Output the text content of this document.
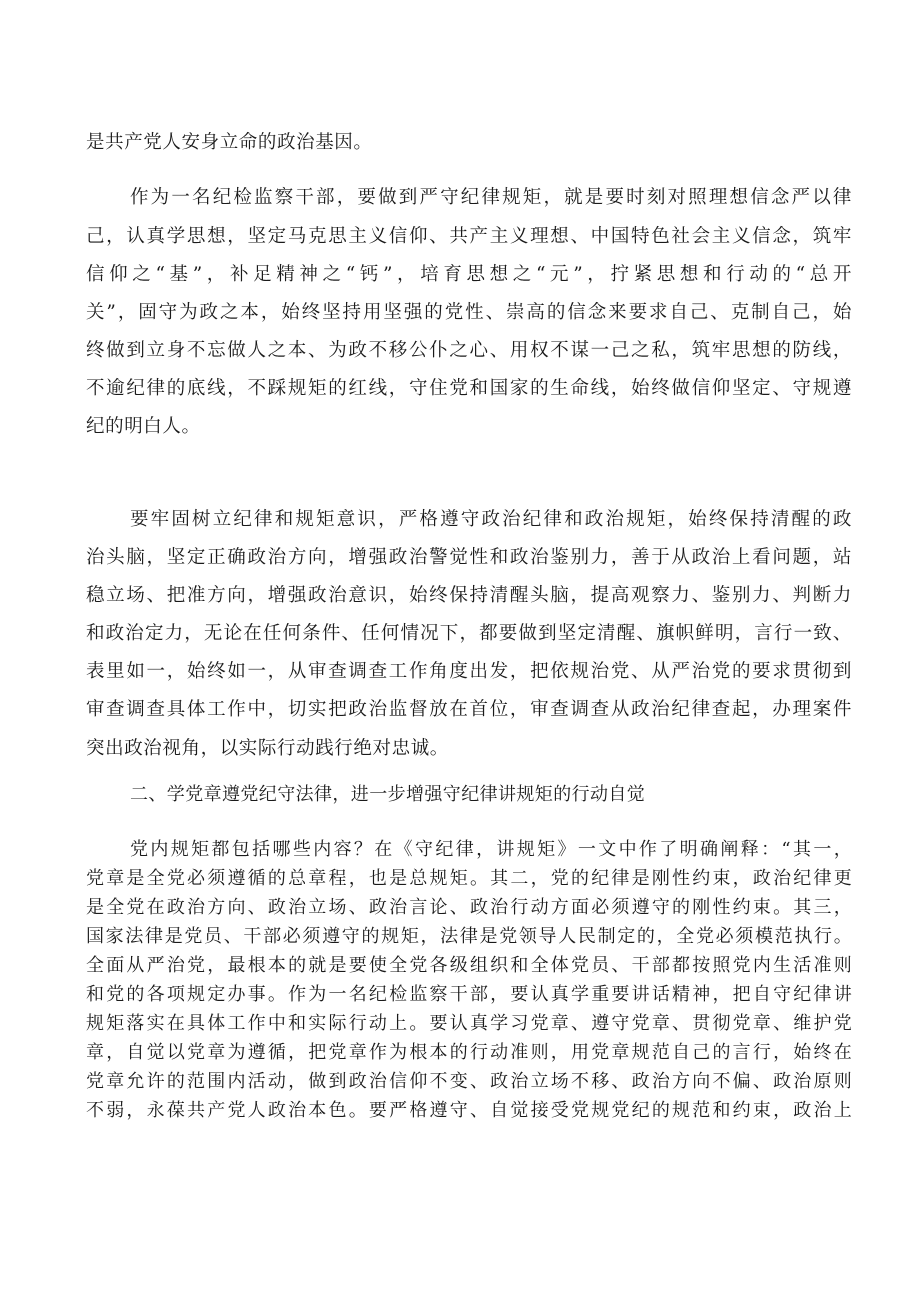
是共产党人安身立命的政治基因。
作为一名纪检监察干部，要做到严守纪律规矩，就是要时刻对照理想信念严以律
己，认真学思想，坚定马克思主义信仰、共产主义理想、中国特色社会主义信念，筑牢
信仰之“基”，补足精神之“钙”，培育思想之“元”，拧紧思想和行动的“总开
关”，固守为政之本，始终坚持用坚强的党性、崇高的信念来要求自己、克制自己，始
终做到立身不忘做人之本、为政不移公仆之心、用权不谋一己之私，筑牢思想的防线，
不逾纪律的底线，不踩规矩的红线，守住党和国家的生命线，始终做信仰坚定、守规遵
纪的明白人。
要牢固树立纪律和规矩意识，严格遵守政治纪律和政治规矩，始终保持清醒的政
治头脑，坚定正确政治方向，增强政治警觉性和政治鉴别力，善于从政治上看问题，站
稳立场、把准方向，增强政治意识，始终保持清醒头脑，提高观察力、鉴别力、判断力
和政治定力，无论在任何条件、任何情况下，都要做到坚定清醒、旗帜鲜明，言行一致、
表里如一，始终如一，从审查调查工作角度出发，把依规治党、从严治党的要求贯彻到
审查调查具体工作中，切实把政治监督放在首位，审查调查从政治纪律查起，办理案件
突出政治视角，以实际行动践行绝对忠诚。
二、学党章遵党纪守法律，进一步增强守纪律讲规矩的行动自觉
党内规矩都包括哪些内容？在《守纪律，讲规矩》一文中作了明确阐释：“其一，
党章是全党必须遵循的总章程，也是总规矩。其二，党的纪律是刚性约束，政治纪律更
是全党在政治方向、政治立场、政治言论、政治行动方面必须遵守的刚性约束。其三，
国家法律是党员、干部必须遵守的规矩，法律是党领导人民制定的，全党必须模范执行。
全面从严治党，最根本的就是要使全党各级组织和全体党员、干部都按照党内生活准则
和党的各项规定办事。作为一名纪检监察干部，要认真学重要讲话精神，把自守纪律讲
规矩落实在具体工作中和实际行动上。要认真学习党章、遵守党章、贯彻党章、维护党
章，自觉以党章为遵循，把党章作为根本的行动准则，用党章规范自己的言行，始终在
党章允许的范围内活动，做到政治信仰不变、政治立场不移、政治方向不偏、政治原则
不弱，永葆共产党人政治本色。要严格遵守、自觉接受党规党纪的规范和约束，政治上
